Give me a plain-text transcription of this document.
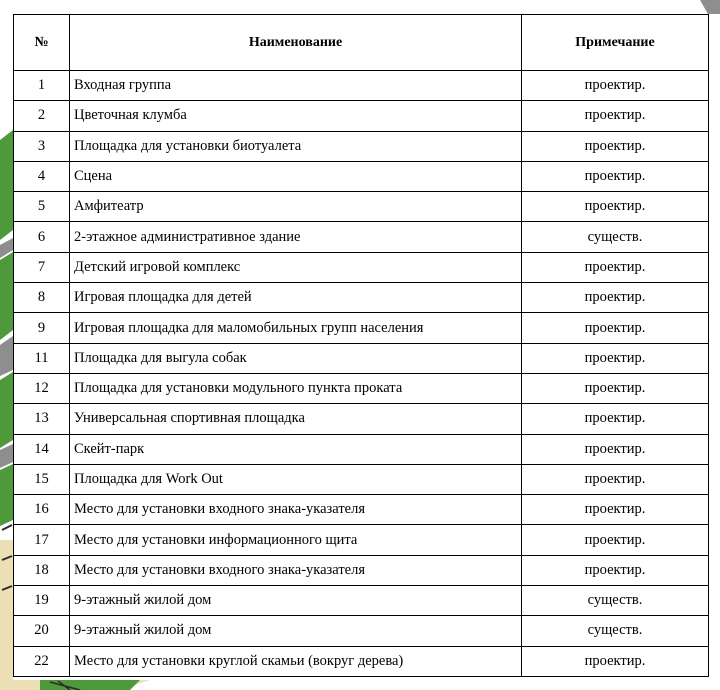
№	Наименование	Примечание
1	Входная группа	проектир.
2	Цветочная клумба	проектир.
3	Площадка для установки биотуалета	проектир.
4	Сцена	проектир.
5	Амфитеатр	проектир.
6	2-этажное административное здание	существ.
7	Детский игровой комплекс	проектир.
8	Игровая площадка для детей	проектир.
9	Игровая площадка для маломобильных групп населения	проектир.
11	Площадка для выгула собак	проектир.
12	Площадка для установки модульного пункта проката	проектир.
13	Универсальная спортивная площадка	проектир.
14	Скейт-парк	проектир.
15	Площадка для Work Out	проектир.
16	Место для установки входного знака-указателя	проектир.
17	Место для установки информационного щита	проектир.
18	Место для установки входного знака-указателя	проектир.
19	9-этажный жилой дом	существ.
20	9-этажный жилой дом	существ.
22	Место для установки круглой скамьи (вокруг дерева)	проектир.
